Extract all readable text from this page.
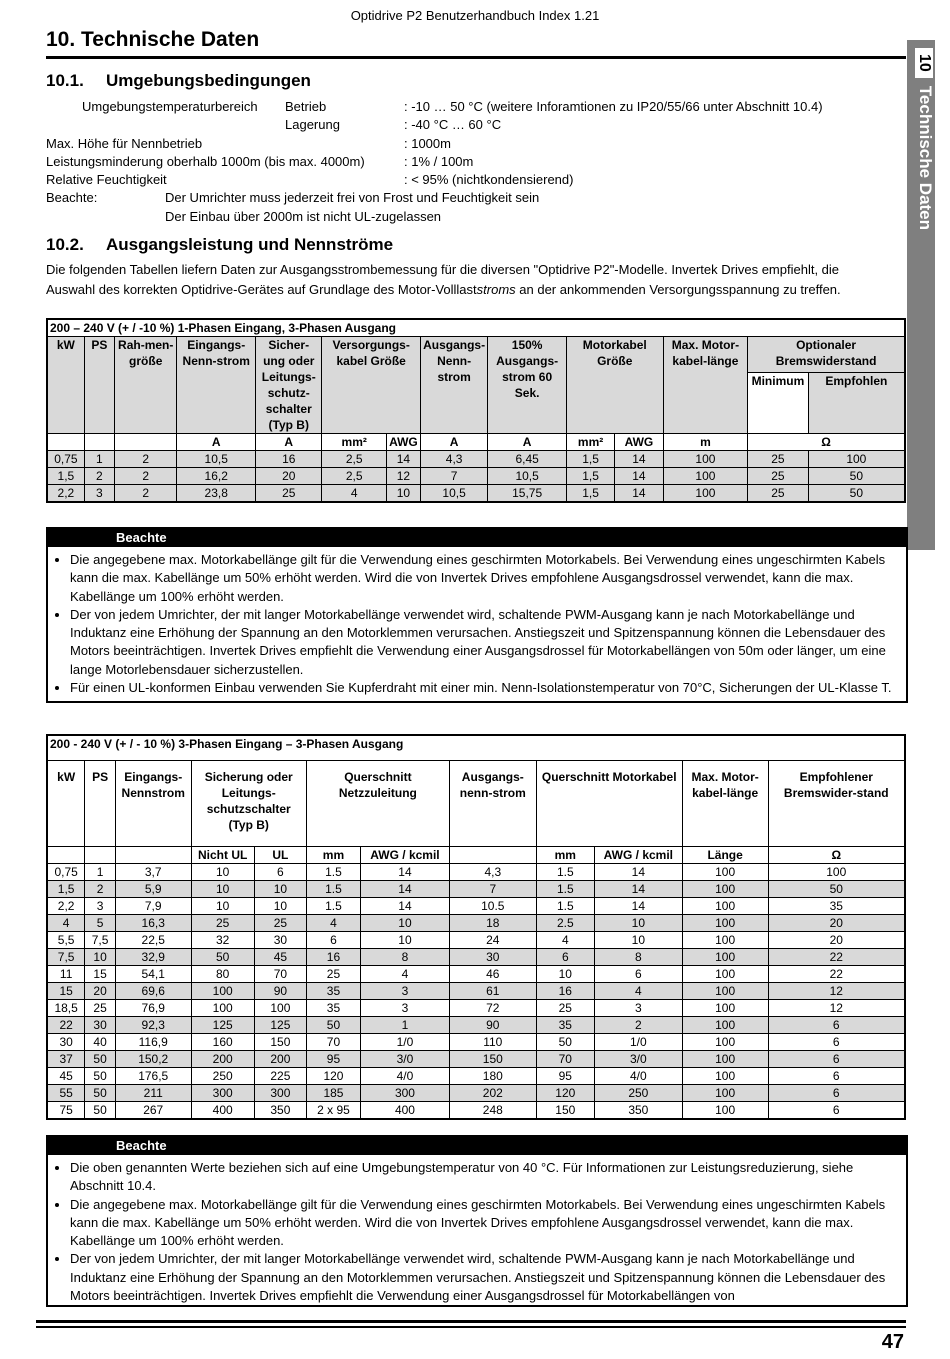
Optidrive P2 Benutzerhandbuch Index 1.21
10. Technische Daten
10Technische Daten
10.1. Umgebungsbedingungen
Umgebungstemperaturbereich Betrieb	: -10 … 50 °C (weitere Inforamtionen zu IP20/55/66 unter Abschnitt 10.4)
Lagerung	: -40 °C … 60 °C
Max. Höhe für Nennbetrieb	: 1000m
Leistungsminderung oberhalb 1000m (bis max. 4000m)	: 1% / 100m
Relative Feuchtigkeit	: < 95% (nichtkondensierend)
Beachte:	Der Umrichter muss jederzeit frei von Frost und Feuchtigkeit sein
Der Einbau über 2000m ist nicht UL-zugelassen
10.2. Ausgangsleistung und Nennströme
Die folgenden Tabellen liefern Daten zur Ausgangsstrombemessung für die diversen "Optidrive P2"-Modelle. Invertek Drives empfiehlt, die
Auswahl des korrekten Optidrive-Gerätes auf Grundlage des Motor-Volllaststroms an der ankommenden Versorgungsspannung zu treffen.
200 – 240 V (+ / -10 %) 1-Phasen Eingang, 3-Phasen Ausgang													
kW	PS	Rah-men-größe	Eingangs-Nenn-strom	Sicher-ung oder Leitungs-schutz-schalter (Typ B)	Versorgungs-kabel Größe		Ausgangs-Nenn-strom	150% Ausgangs-strom 60 Sek.	Motorkabel Größe		Max. Motor-kabel-länge	Optionaler Bremswiderstand	
												Minimum	Empfohlen
			A	A	mm²	AWG	A	A	mm²	AWG	m	Ω	
0,75	1	2	10,5	16	2,5	14	4,3	6,45	1,5	14	100	25	100
1,5	2	2	16,2	20	2,5	12	7	10,5	1,5	14	100	25	50
2,2	3	2	23,8	25	4	10	10,5	15,75	1,5	14	100	25	50
Beachte
• Die angegebene max. Motorkabellänge gilt für die Verwendung eines geschirmten Motorkabels. Bei Verwendung eines ungeschirmten Kabels kann die max. Kabellänge um 50% erhöht werden. Wird die von Invertek Drives empfohlene Ausgangsdrossel verwendet, kann die max. Kabellänge um 100% erhöht werden.
• Der von jedem Umrichter, der mit langer Motorkabellänge verwendet wird, schaltende PWM-Ausgang kann je nach Motorkabellänge und Induktanz eine Erhöhung der Spannung an den Motorklemmen verursachen. Anstiegszeit und Spitzenspannung können die Lebensdauer des Motors beeinträchtigen. Invertek Drives empfiehlt die Verwendung einer Ausgangsdrossel für Motorkabellängen von 50m oder länger, um eine lange Motorlebensdauer sicherzustellen.
• Für einen UL-konformen Einbau verwenden Sie Kupferdraht mit einer min. Nenn-Isolationstemperatur von 70°C, Sicherungen der UL-Klasse T.
200 - 240 V (+ / - 10 %) 3-Phasen Eingang – 3-Phasen Ausgang											
kW	PS	Eingangs-Nennstrom	Sicherung oder Leitungs-schutzschalter (Typ B)		Querschnitt Netzzuleitung		Ausgangs-nenn-strom	Querschnitt Motorkabel		Max. Motor-kabel-länge	Empfohlener Bremswider-stand
			Nicht UL	UL	mm	AWG / kcmil		mm	AWG / kcmil	Länge	Ω
0,75	1	3,7	10	6	1.5	14	4,3	1.5	14	100	100
1,5	2	5,9	10	10	1.5	14	7	1.5	14	100	50
2,2	3	7,9	10	10	1.5	14	10.5	1.5	14	100	35
4	5	16,3	25	25	4	10	18	2.5	10	100	20
5,5	7,5	22,5	32	30	6	10	24	4	10	100	20
7,5	10	32,9	50	45	16	8	30	6	8	100	22
11	15	54,1	80	70	25	4	46	10	6	100	22
15	20	69,6	100	90	35	3	61	16	4	100	12
18,5	25	76,9	100	100	35	3	72	25	3	100	12
22	30	92,3	125	125	50	1	90	35	2	100	6
30	40	116,9	160	150	70	1/0	110	50	1/0	100	6
37	50	150,2	200	200	95	3/0	150	70	3/0	100	6
45	50	176,5	250	225	120	4/0	180	95	4/0	100	6
55	50	211	300	300	185	300	202	120	250	100	6
75	50	267	400	350	2 x 95	400	248	150	350	100	6
Beachte
• Die oben genannten Werte beziehen sich auf eine Umgebungstemperatur von 40 °C. Für Informationen zur Leistungsreduzierung, siehe Abschnitt 10.4.
• Die angegebene max. Motorkabellänge gilt für die Verwendung eines geschirmten Motorkabels. Bei Verwendung eines ungeschirmten Kabels kann die max. Kabellänge um 50% erhöht werden. Wird die von Invertek Drives empfohlene Ausgangsdrossel verwendet, kann die max. Kabellänge um 100% erhöht werden.
• Der von jedem Umrichter, der mit langer Motorkabellänge verwendet wird, schaltende PWM-Ausgang kann je nach Motorkabellänge und Induktanz eine Erhöhung der Spannung an den Motorklemmen verursachen. Anstiegszeit und Spitzenspannung können die Lebensdauer des Motors beeinträchtigen. Invertek Drives empfiehlt die Verwendung einer Ausgangsdrossel für Motorkabellängen von
47
